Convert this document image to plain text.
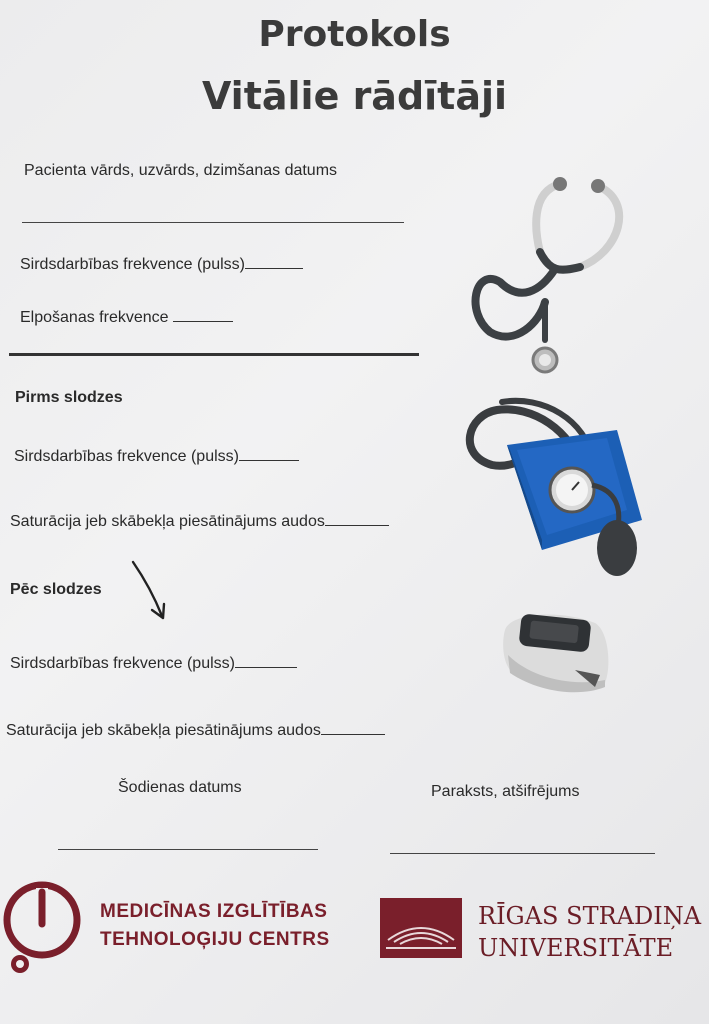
Protokols
Vitālie rādītāji
Pacienta vārds, uzvārds, dzimšanas datums
Sirdsdarbības frekvence (pulss)
Elpošanas frekvence
Pirms slodzes
Sirdsdarbības frekvence (pulss)
Saturācija jeb skābekļa piesātinājums audos
Pēc slodzes
Sirdsdarbības frekvence (pulss)
Saturācija jeb skābekļa piesātinājums audos
Šodienas datums	Paraksts, atšifrējums
MEDICĪNAS IZGLĪTĪBAS
TEHNOLOĢIJU CENTRS
RĪGAS STRADIŅA
UNIVERSITĀTE
